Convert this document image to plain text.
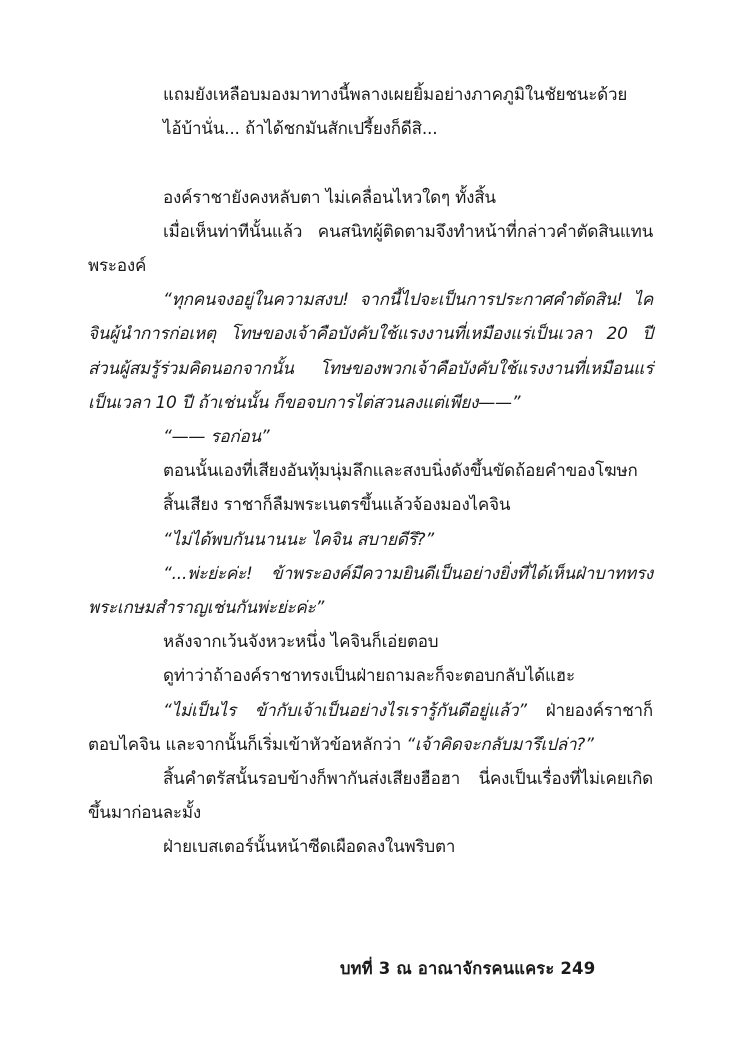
แถมยังเหลือบมองมาทางนี้พลางเผยยิ้มอย่างภาคภูมิในชัยชนะด้วย

ไอ้บ้านั่น... ถ้าได้ชกมันสักเปรี้ยงก็ดีสิ...

องค์ราชายังคงหลับตา ไม่เคลื่อนไหวใดๆ ทั้งสิ้น

เมื่อเห็นท่าทีนั้นแล้ว คนสนิทผู้ติดตามจึงทำหน้าที่กล่าวคำตัดสินแทนพระองค์

“ทุกคนจงอยู่ในความสงบ! จากนี้ไปจะเป็นการประกาศคำตัดสิน! ไคจินผู้นำการก่อเหตุ โทษของเจ้าคือบังคับใช้แรงงานที่เหมืองแร่เป็นเวลา 20 ปี ส่วนผู้สมรู้ร่วมคิดนอกจากนั้น โทษของพวกเจ้าคือบังคับใช้แรงงานที่เหมือนแร่เป็นเวลา 10 ปี ถ้าเช่นนั้น ก็ขอจบการไต่สวนลงแต่เพียง——”

“—— รอก่อน”

ตอนนั้นเองที่เสียงอันทุ้มนุ่มลึกและสงบนิ่งดังขึ้นขัดถ้อยคำของโฆษก

สิ้นเสียง ราชาก็ลืมพระเนตรขึ้นแล้วจ้องมองไคจิน

“ไม่ได้พบกันนานนะ ไคจิน สบายดีรึ?”

“...พ่ะย่ะค่ะ! ข้าพระองค์มีความยินดีเป็นอย่างยิ่งที่ได้เห็นฝ่าบาททรงพระเกษมสำราญเช่นกันพ่ะย่ะค่ะ”

หลังจากเว้นจังหวะหนึ่ง ไคจินก็เอ่ยตอบ

ดูท่าว่าถ้าองค์ราชาทรงเป็นฝ่ายถามละก็จะตอบกลับได้แฮะ

“ไม่เป็นไร ข้ากับเจ้าเป็นอย่างไรเรารู้กันดีอยู่แล้ว” ฝ่ายองค์ราชาก็ตอบไคจิน และจากนั้นก็เริ่มเข้าหัวข้อหลักว่า “เจ้าคิดจะกลับมารึเปล่า?”

สิ้นคำตรัสนั้นรอบข้างก็พากันส่งเสียงฮือฮา นี่คงเป็นเรื่องที่ไม่เคยเกิดขึ้นมาก่อนละมั้ง

ฝ่ายเบสเตอร์นั้นหน้าซีดเผือดลงในพริบตา

บทที่ 3 ณ อาณาจักรคนแคระ 249
